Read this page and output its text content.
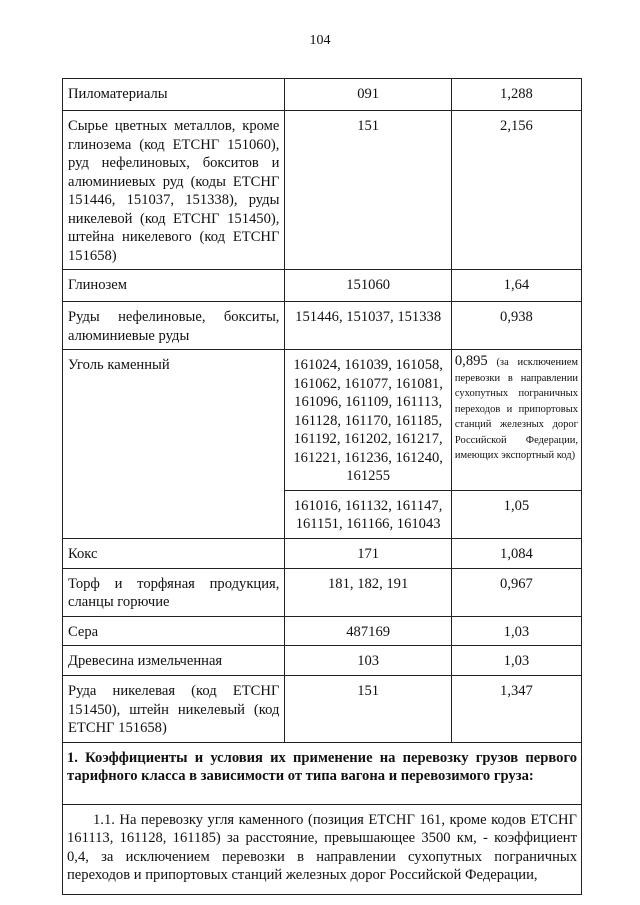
104
Пиломатериалы	091	1,288
Сырье цветных металлов, кроме глинозема (код ЕТСНГ 151060), руд нефелиновых, бокситов и алюминиевых руд (коды ЕТСНГ 151446, 151037, 151338), руды никелевой (код ЕТСНГ 151450), штейна никелевого (код ЕТСНГ 151658)	151	2,156
Глинозем	151060	1,64
Руды нефелиновые, бокситы, алюминиевые руды	151446, 151037, 151338	0,938
Уголь каменный	161024, 161039, 161058, 161062, 161077, 161081, 161096, 161109, 161113, 161128, 161170, 161185, 161192, 161202, 161217, 161221, 161236, 161240, 161255	0,895 (за исключением перевозки в направлении сухопутных пограничных переходов и припортовых станций железных дорог Российской Федерации, имеющих экспортный код)

	161016, 161132, 161147, 161151, 161166, 161043	1,05
Кокс	171	1,084
Торф и торфяная продукция, сланцы горючие	181, 182, 191	0,967
Сера	487169	1,03
Древесина измельченная	103	1,03
Руда никелевая (код ЕТСНГ 151450), штейн никелевый (код ЕТСНГ 151658)	151	1,347
1. Коэффициенты и условия их применение на перевозку грузов первого тарифного класса в зависимости от типа вагона и перевозимого груза:		
1.1. На перевозку угля каменного (позиция ЕТСНГ 161, кроме кодов ЕТСНГ 161113, 161128, 161185) за расстояние, превышающее 3500 км, - коэффициент 0,4, за исключением перевозки в направлении сухопутных пограничных переходов и припортовых станций железных дорог Российской Федерации,		
